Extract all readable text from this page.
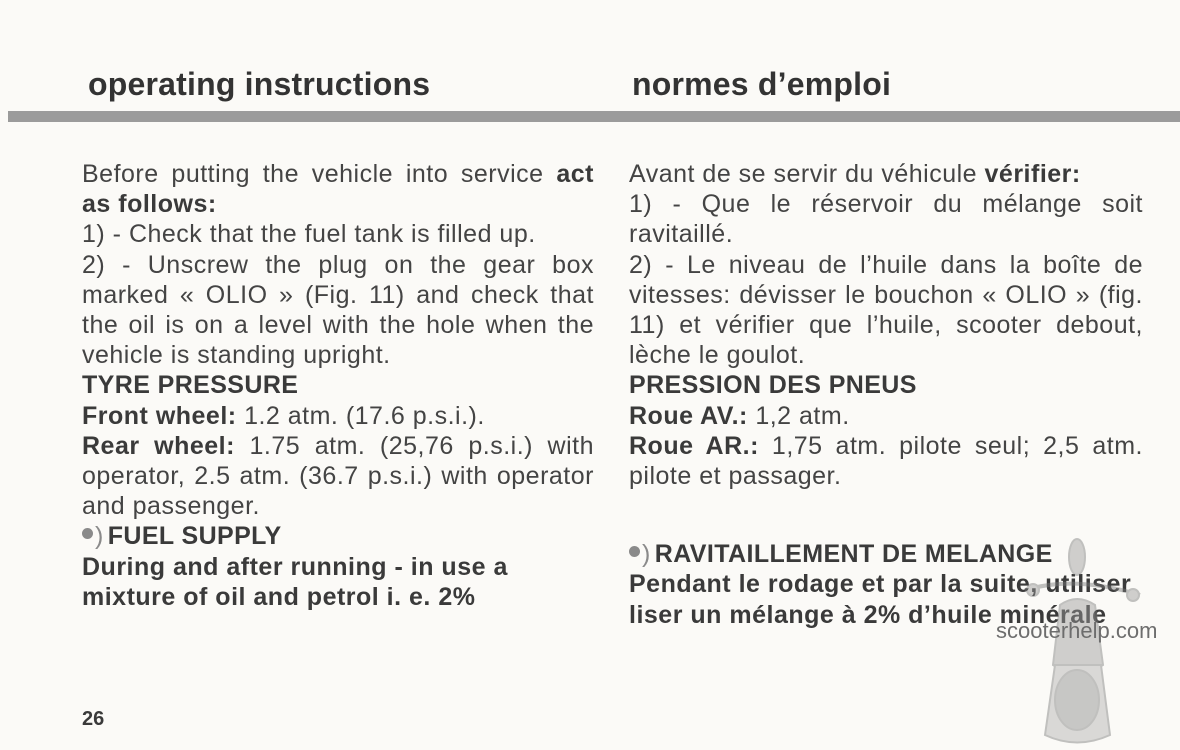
operating instructions	normes d’emploi

Before putting the vehicle into service act as follows:

1) - Check that the fuel tank is filled up.

2) - Unscrew the plug on the gear box marked « OLIO » (Fig. 11) and check that the oil is on a level with the hole when the vehicle is standing upright.

TYRE PRESSURE

Front wheel: 1.2 atm. (17.6 p.s.i.).

Rear wheel: 1.75 atm. (25,76 p.s.i.) with operator, 2.5 atm. (36.7 p.s.i.) with operator and passenger.

) FUEL SUPPLY

During and after running - in use a

mixture of oil and petrol i. e. 2%

Avant de se servir du véhicule vérifier:

1) - Que le réservoir du mélange soit ravitaillé.

2) - Le niveau de l’huile dans la boîte de vitesses: dévisser le bouchon « OLIO » (fig. 11) et vérifier que l’huile, scooter debout, lèche le goulot.

PRESSION DES PNEUS

Roue AV.: 1,2 atm.

Roue AR.: 1,75 atm. pilote seul; 2,5 atm. pilote et passager.

) RAVITAILLEMENT DE MELANGE

Pendant le rodage et par la suite, utiliser

liser un mélange à 2% d’huile minérale

26
scooterhelp.com
